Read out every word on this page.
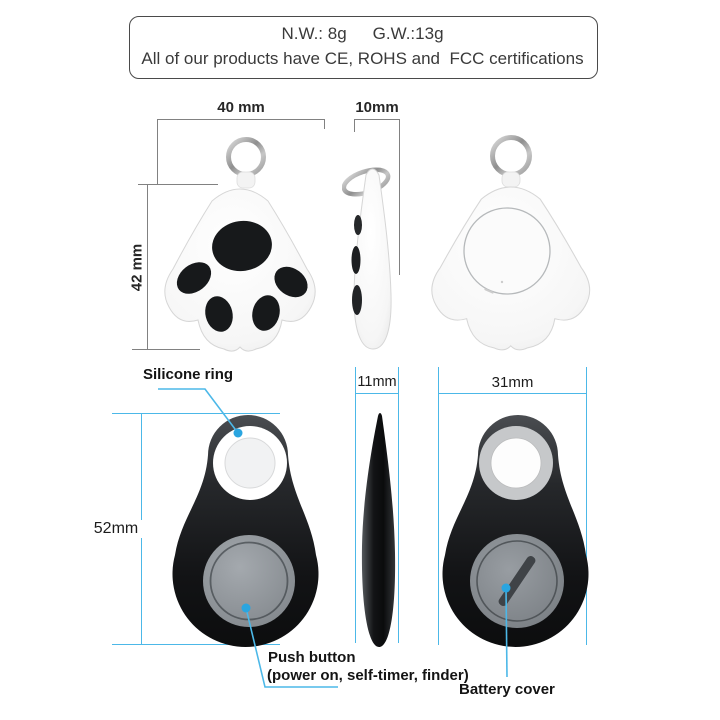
N.W.: 8g G.W.:13g
All of our products have CE, ROHS and  FCC certifications
40 mm	10mm
42 mm
52mm
11mm	31mm
Silicone ring
Push button
(power on, self-timer, finder)
Battery cover
